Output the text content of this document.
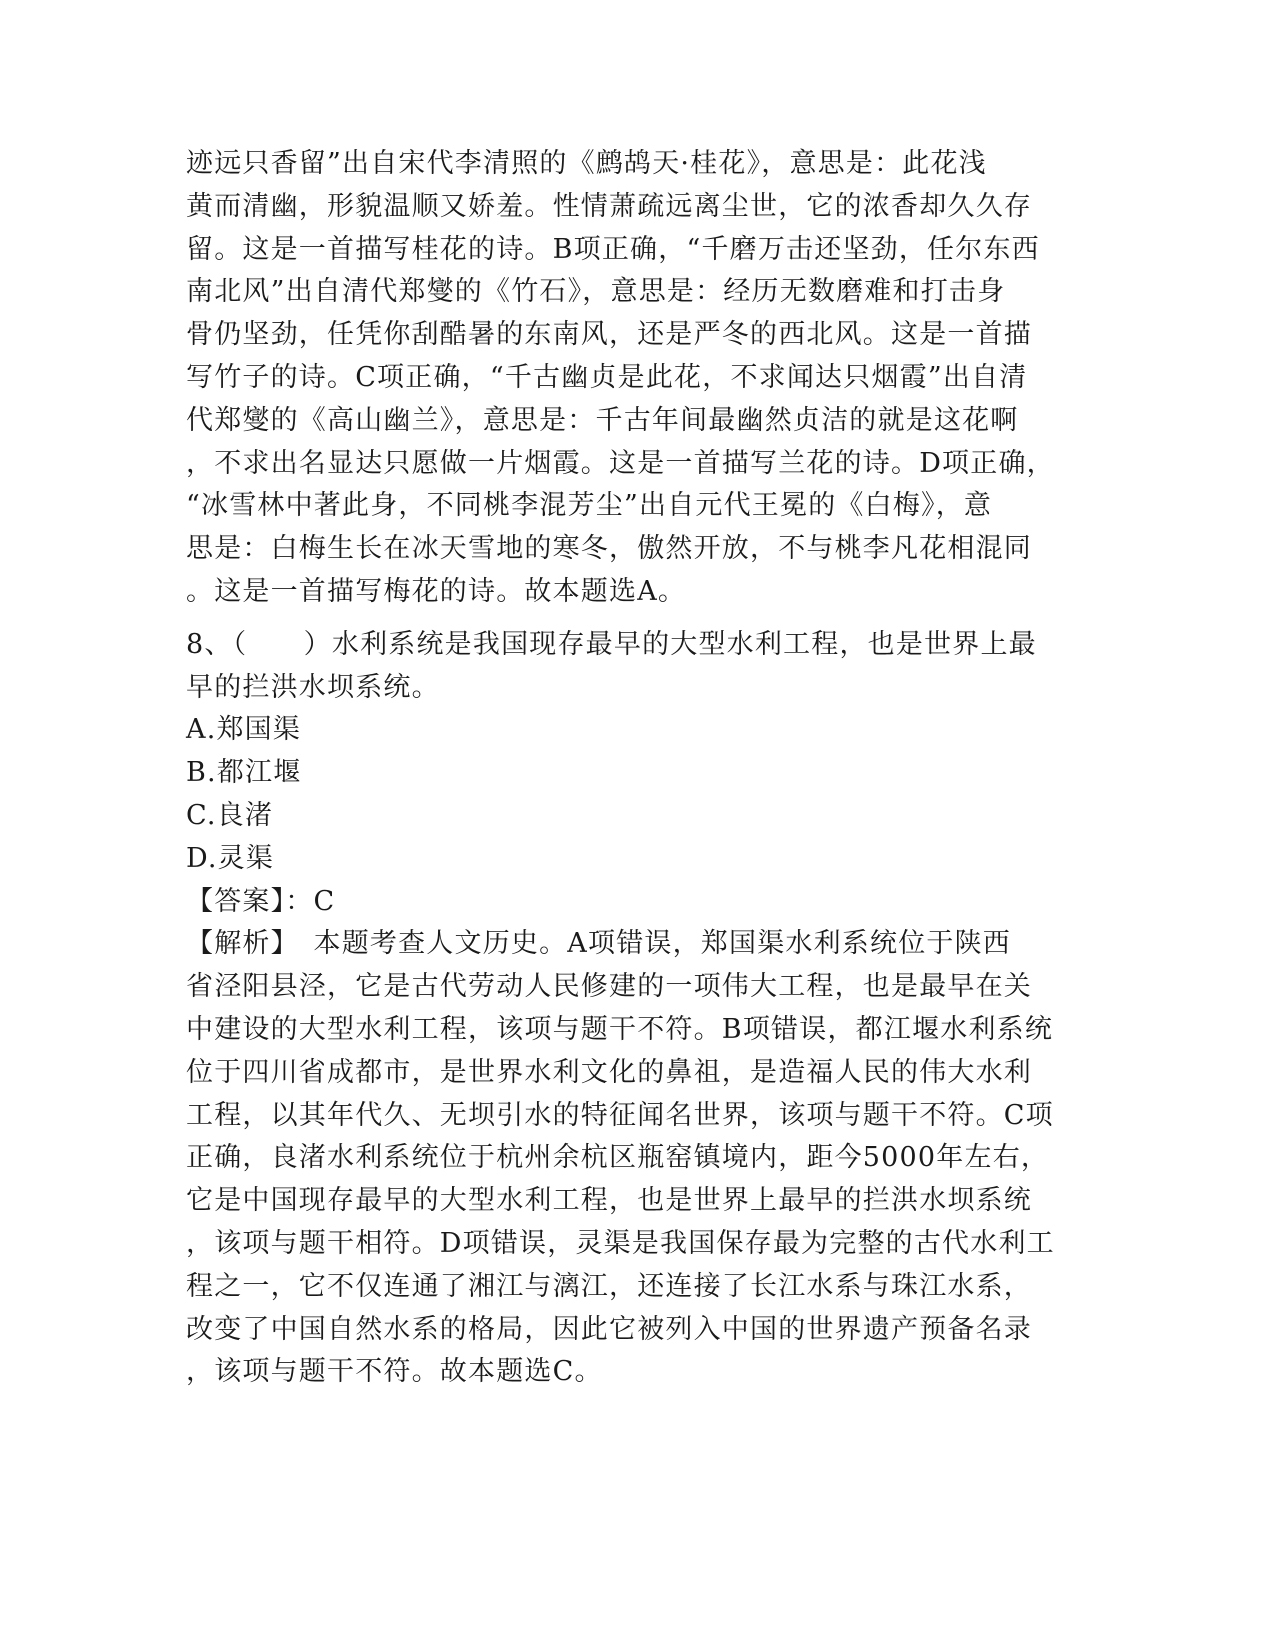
迹远只香留”出自宋代李清照的《鹧鸪天·桂花》，意思是：此花浅
黄而清幽，形貌温顺又娇羞。性情萧疏远离尘世，它的浓香却久久存
留。这是一首描写桂花的诗。B项正确，“千磨万击还坚劲，任尔东西
南北风”出自清代郑燮的《竹石》，意思是：经历无数磨难和打击身
骨仍坚劲，任凭你刮酷暑的东南风，还是严冬的西北风。这是一首描
写竹子的诗。C项正确，“千古幽贞是此花，不求闻达只烟霞”出自清
代郑燮的《高山幽兰》，意思是：千古年间最幽然贞洁的就是这花啊
，不求出名显达只愿做一片烟霞。这是一首描写兰花的诗。D项正确，
“冰雪林中著此身，不同桃李混芳尘”出自元代王冕的《白梅》，意
思是：白梅生长在冰天雪地的寒冬，傲然开放，不与桃李凡花相混同
。这是一首描写梅花的诗。故本题选A。
8、（　　）水利系统是我国现存最早的大型水利工程，也是世界上最
早的拦洪水坝系统。
A.郑国渠
B.都江堰
C.良渚
D.灵渠
【答案】：C
【解析】　本题考查人文历史。A项错误，郑国渠水利系统位于陕西
省泾阳县泾，它是古代劳动人民修建的一项伟大工程，也是最早在关
中建设的大型水利工程，该项与题干不符。B项错误，都江堰水利系统
位于四川省成都市，是世界水利文化的鼻祖，是造福人民的伟大水利
工程，以其年代久、无坝引水的特征闻名世界，该项与题干不符。C项
正确，良渚水利系统位于杭州余杭区瓶窑镇境内，距今5000年左右，
它是中国现存最早的大型水利工程，也是世界上最早的拦洪水坝系统
，该项与题干相符。D项错误，灵渠是我国保存最为完整的古代水利工
程之一，它不仅连通了湘江与漓江，还连接了长江水系与珠江水系，
改变了中国自然水系的格局，因此它被列入中国的世界遗产预备名录
，该项与题干不符。故本题选C。
